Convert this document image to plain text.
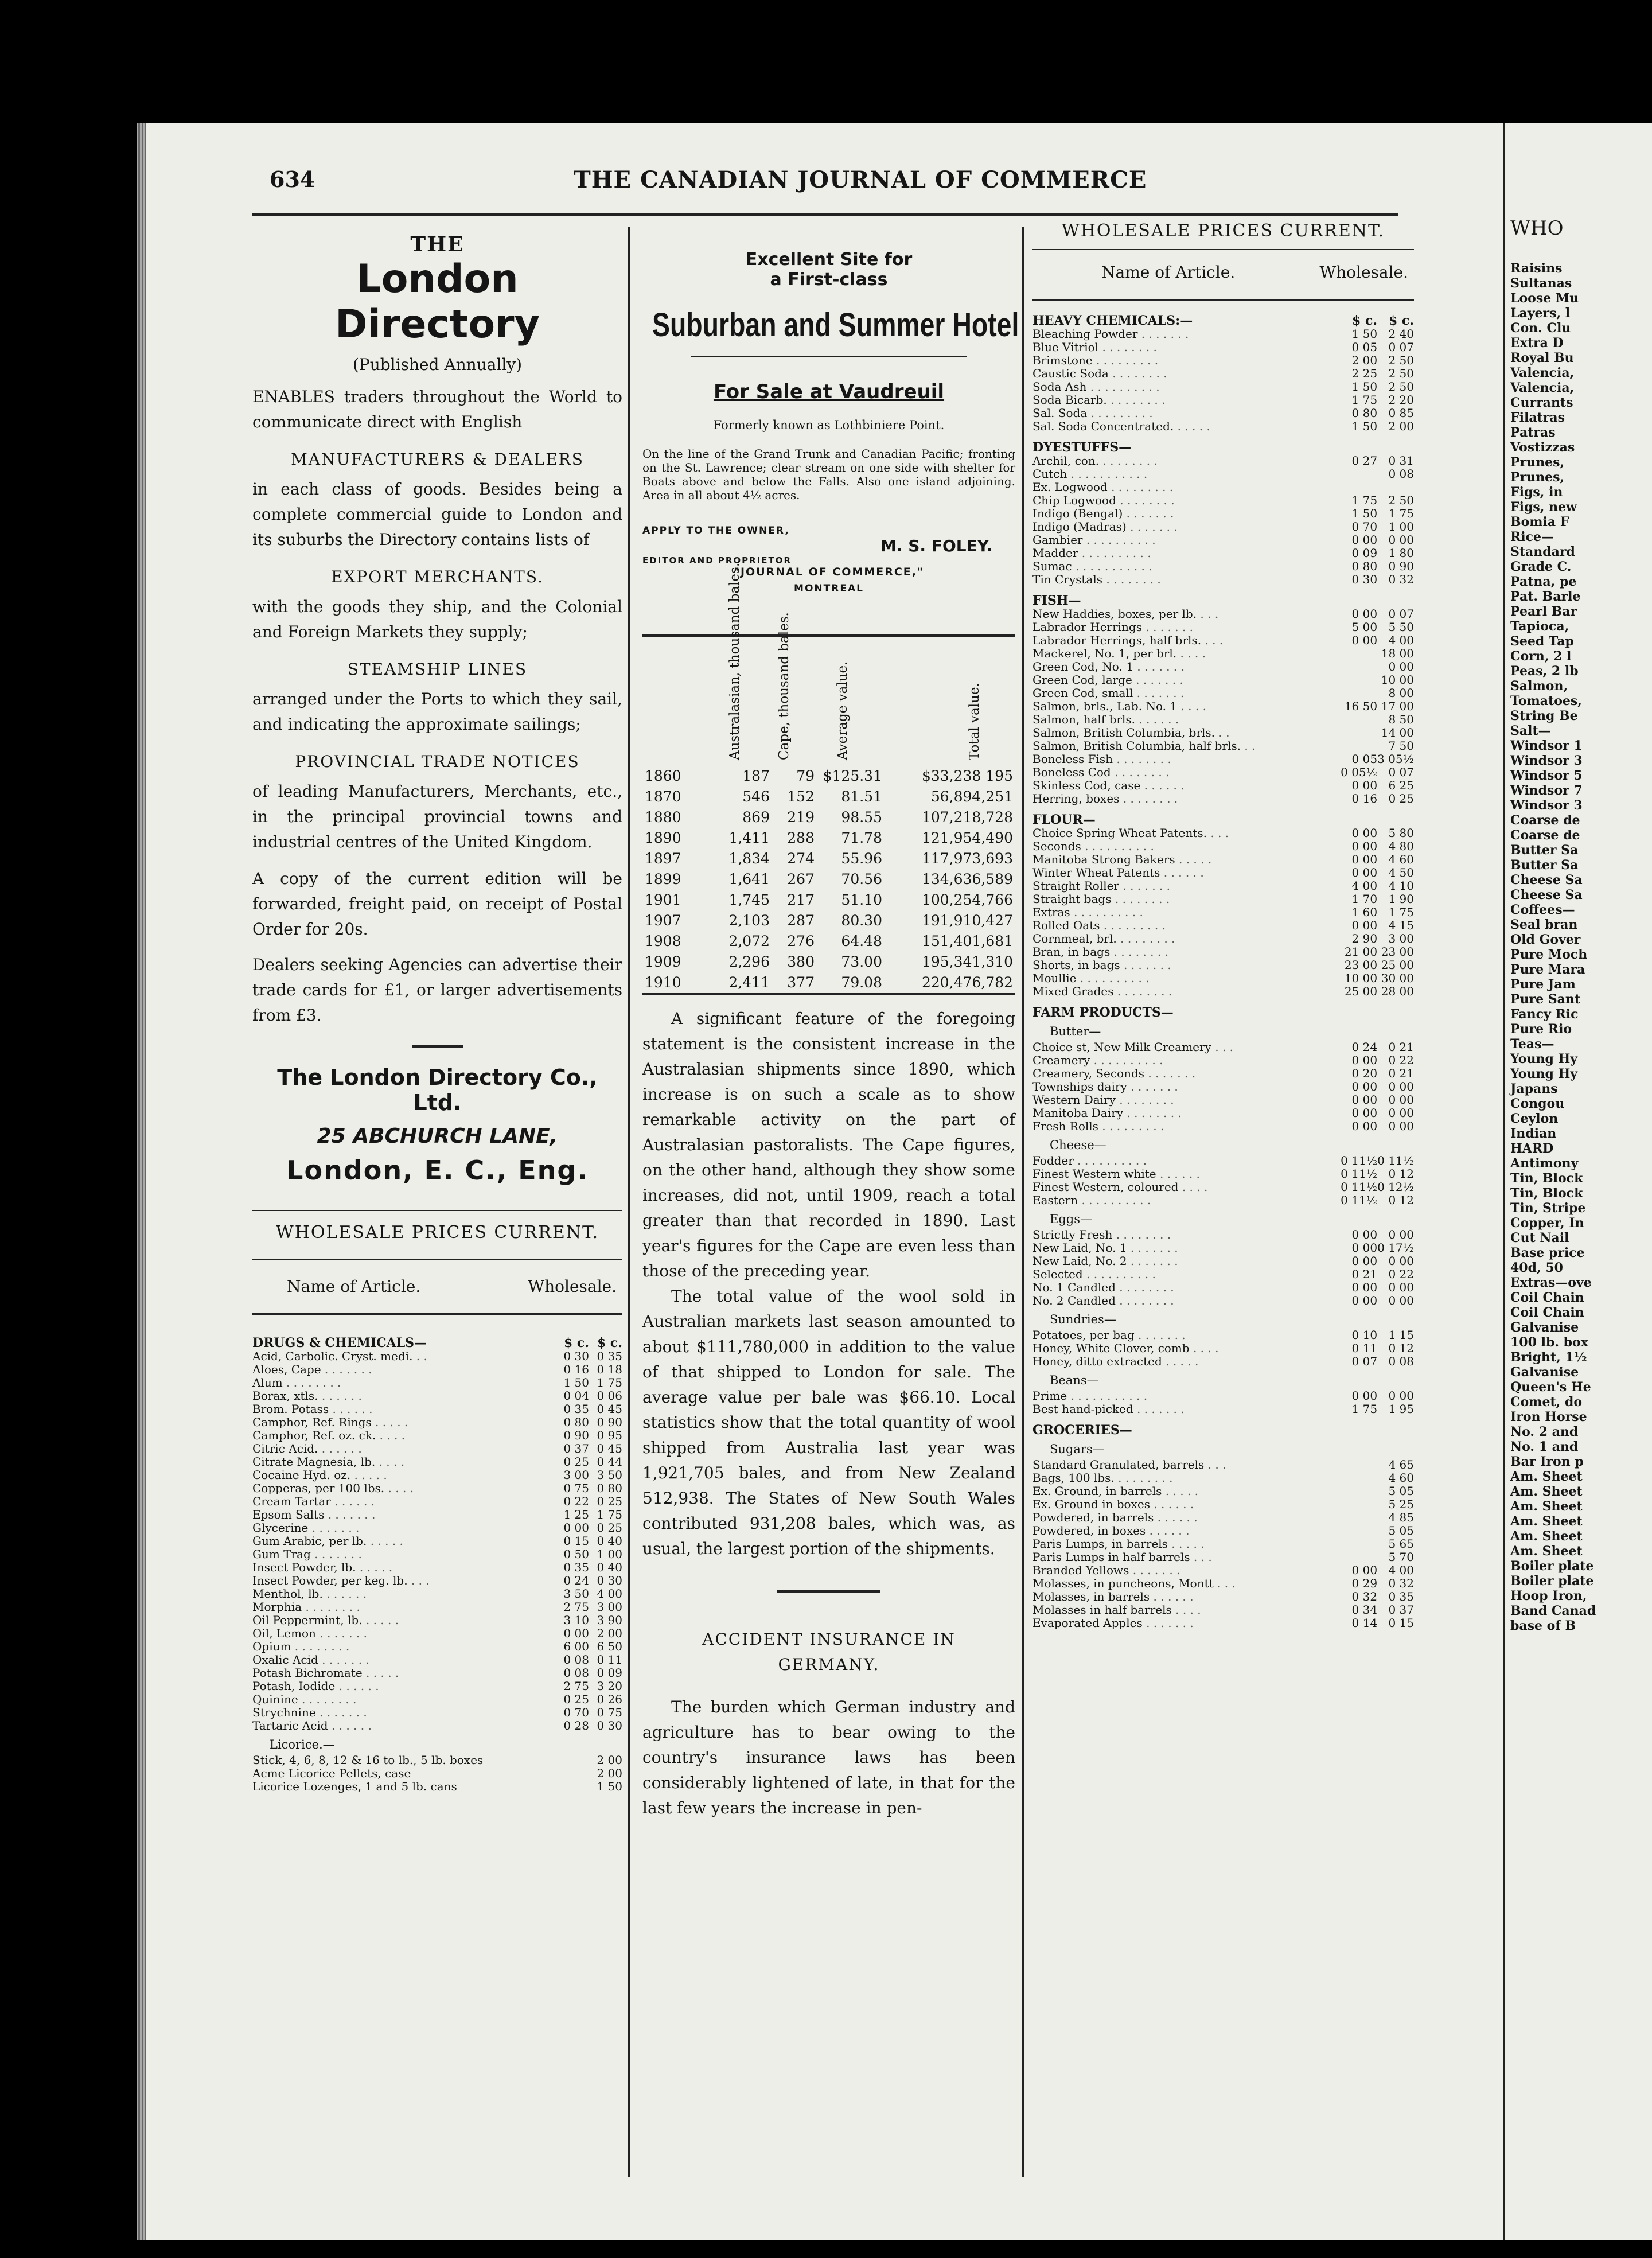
WHO
Raisins
Sultanas
Loose Mu
Layers, l
Con. Clu
Extra D
Royal Bu
Valencia,
Valencia,
Currants
Filatras
Patras
Vostizzas
Prunes,
Prunes,
Figs, in
Figs, new
Bomia F
Rice—
Standard
Grade C.
Patna, pe
Pat. Barle
Pearl Bar
Tapioca,
Seed Tap
Corn, 2 l
Peas, 2 lb
Salmon,
Tomatoes,
String Be
Salt—
Windsor 1
Windsor 3
Windsor 5
Windsor 7
Windsor 3
Coarse de
Coarse de
Butter Sa
Butter Sa
Cheese Sa
Cheese Sa
Coffees—
Seal bran
Old Gover
Pure Moch
Pure Mara
Pure Jam
Pure Sant
Fancy Ric
Pure Rio
Teas—
Young Hy
Young Hy
Japans
Congou
Ceylon
Indian
HARD
Antimony
Tin, Block
Tin, Block
Tin, Stripe
Copper, In
Cut Nail
Base price
40d, 50
Extras—ove
Coil Chain
Coil Chain
Galvanise
100 lb. box
Bright, 1½
Galvanise
Queen's He
Comet, do
Iron Horse
No. 2 and
No. 1 and
Bar Iron p
Am. Sheet
Am. Sheet
Am. Sheet
Am. Sheet
Am. Sheet
Am. Sheet
Boiler plate
Boiler plate
Hoop Iron,
Band Canad
base of B
634	THE CANADIAN JOURNAL OF COMMERCE
THE
London Directory
(Published Annually)
ENABLES traders throughout the World to communicate direct with English
MANUFACTURERS & DEALERS
in each class of goods. Besides being a complete commercial guide to London and its suburbs the Directory contains lists of
EXPORT MERCHANTS.
with the goods they ship, and the Colonial and Foreign Markets they supply;
STEAMSHIP LINES
arranged under the Ports to which they sail, and indicating the approximate sailings;
PROVINCIAL TRADE NOTICES
of leading Manufacturers, Merchants, etc., in the principal provincial towns and industrial centres of the United Kingdom.
A copy of the current edition will be forwarded, freight paid, on receipt of Postal Order for 20s.
Dealers seeking Agencies can advertise their trade cards for £1, or larger advertisements from £3.
The London Directory Co., Ltd.
25 ABCHURCH LANE,
London, E. C., Eng.
WHOLESALE PRICES CURRENT.
Name of Article.	Wholesale.
DRUGS & CHEMICALS—	$ c.	$ c.
Acid, Carbolic. Cryst. medi. . .	0 30	0 35
Aloes, Cape . . . . . . .	0 16	0 18
Alum . . . . . . . .	1 50	1 75
Borax, xtls. . . . . . .	0 04	0 06
Brom. Potass . . . . . .	0 35	0 45
Camphor, Ref. Rings . . . . .	0 80	0 90
Camphor, Ref. oz. ck. . . . .	0 90	0 95
Citric Acid. . . . . . .	0 37	0 45
Citrate Magnesia, lb. . . . .	0 25	0 44
Cocaine Hyd. oz. . . . . .	3 00	3 50
Copperas, per 100 lbs. . . . .	0 75	0 80
Cream Tartar . . . . . .	0 22	0 25
Epsom Salts . . . . . . .	1 25	1 75
Glycerine . . . . . . .	0 00	0 25
Gum Arabic, per lb. . . . . .	0 15	0 40
Gum Trag . . . . . . .	0 50	1 00
Insect Powder, lb. . . . . .	0 35	0 40
Insect Powder, per keg. lb. . . .	0 24	0 30
Menthol, lb. . . . . . .	3 50	4 00
Morphia . . . . . . . .	2 75	3 00
Oil Peppermint, lb. . . . . .	3 10	3 90
Oil, Lemon . . . . . . .	0 00	2 00
Opium . . . . . . . .	6 00	6 50
Oxalic Acid . . . . . . .	0 08	0 11
Potash Bichromate . . . . .	0 08	0 09
Potash, Iodide . . . . . .	2 75	3 20
Quinine . . . . . . . .	0 25	0 26
Strychnine . . . . . . .	0 70	0 75
Tartaric Acid . . . . . .	0 28	0 30
Licorice.—		
Stick, 4, 6, 8, 12 & 16 to lb., 5 lb. boxes		2 00
Acme Licorice Pellets, case		2 00
Licorice Lozenges, 1 and 5 lb. cans		1 50
Excellent Site for
a First-class
Suburban and Summer Hotel
For Sale at Vaudreuil
Formerly known as Lothbiniere Point.
On the line of the Grand Trunk and Canadian Pacific; fronting on the St. Lawrence; clear stream on one side with shelter for Boats above and below the Falls. Also one island adjoining. Area in all about 4½ acres.
APPLY TO THE OWNER,
M. S. FOLEY.
EDITOR AND PROPRIETOR
"JOURNAL OF COMMERCE,"
MONTREAL

	Australasian, thousand bales.	Cape, thousand bales.	Average value.	Total value.

1860	187	79	$125.31	$33,238 195
1870	546	152	81.51	56,894,251
1880	869	219	98.55	107,218,728
1890	1,411	288	71.78	121,954,490
1897	1,834	274	55.96	117,973,693
1899	1,641	267	70.56	134,636,589
1901	1,745	217	51.10	100,254,766
1907	2,103	287	80.30	191,910,427
1908	2,072	276	64.48	151,401,681
1909	2,296	380	73.00	195,341,310
1910	2,411	377	79.08	220,476,782
A significant feature of the foregoing statement is the consistent increase in the Australasian shipments since 1890, which increase is on such a scale as to show remarkable activity on the part of Australasian pastoralists. The Cape figures, on the other hand, although they show some increases, did not, until 1909, reach a total greater than that recorded in 1890. Last year's figures for the Cape are even less than those of the preceding year.
The total value of the wool sold in Australian markets last season amounted to about $111,780,000 in addition to the value of that shipped to London for sale. The average value per bale was $66.10. Local statistics show that the total quantity of wool shipped from Australia last year was 1,921,705 bales, and from New Zealand 512,938. The States of New South Wales contributed 931,208 bales, which was, as usual, the largest portion of the shipments.
ACCIDENT INSURANCE IN GERMANY.
The burden which German industry and agriculture has to bear owing to the country's insurance laws has been considerably lightened of late, in that for the last few years the increase in pen-
WHOLESALE PRICES CURRENT.
Name of Article.	Wholesale.
HEAVY CHEMICALS:—	$ c.	$ c.
Bleaching Powder . . . . . . .	1 50	2 40
Blue Vitriol . . . . . . . .	0 05	0 07
Brimstone . . . . . . . . .	2 00	2 50
Caustic Soda . . . . . . . .	2 25	2 50
Soda Ash . . . . . . . . . .	1 50	2 50
Soda Bicarb. . . . . . . . .	1 75	2 20
Sal. Soda . . . . . . . . .	0 80	0 85
Sal. Soda Concentrated. . . . . .	1 50	2 00
DYESTUFFS—		
Archil, con. . . . . . . . .	0 27	0 31
Cutch . . . . . . . . . . .		0 08
Ex. Logwood . . . . . . . . .		
Chip Logwood . . . . . . . .	1 75	2 50
Indigo (Bengal) . . . . . . .	1 50	1 75
Indigo (Madras) . . . . . . .	0 70	1 00
Gambier . . . . . . . . . .	0 00	0 00
Madder . . . . . . . . . .	0 09	1 80
Sumac . . . . . . . . . . .	0 80	0 90
Tin Crystals . . . . . . . .	0 30	0 32
FISH—		
New Haddies, boxes, per lb. . . .	0 00	0 07
Labrador Herrings . . . . . . .	5 00	5 50
Labrador Herrings, half brls. . . .	0 00	4 00
Mackerel, No. 1, per brl. . . . .		18 00
Green Cod, No. 1 . . . . . . .		0 00
Green Cod, large . . . . . . .		10 00
Green Cod, small . . . . . . .		8 00
Salmon, brls., Lab. No. 1 . . . .	16 50	17 00
Salmon, half brls. . . . . . .		8 50
Salmon, British Columbia, brls. . .		14 00
Salmon, British Columbia, half brls. . .		7 50
Boneless Fish . . . . . . . .	0 05	3 05½
Boneless Cod . . . . . . . .	0 05½	0 07
Skinless Cod, case . . . . . .	0 00	6 25
Herring, boxes . . . . . . . .	0 16	0 25
FLOUR—		
Choice Spring Wheat Patents. . . .	0 00	5 80
Seconds . . . . . . . . . .	0 00	4 80
Manitoba Strong Bakers . . . . .	0 00	4 60
Winter Wheat Patents . . . . . .	0 00	4 50
Straight Roller . . . . . . .	4 00	4 10
Straight bags . . . . . . . .	1 70	1 90
Extras . . . . . . . . . .	1 60	1 75
Rolled Oats . . . . . . . . .	0 00	4 15
Cornmeal, brl. . . . . . . . .	2 90	3 00
Bran, in bags . . . . . . . .	21 00	23 00
Shorts, in bags . . . . . . .	23 00	25 00
Moullie . . . . . . . . . .	10 00	30 00
Mixed Grades . . . . . . . .	25 00	28 00
FARM PRODUCTS—		
Butter—		
Choice st, New Milk Creamery . . .	0 24	0 21
Creamery . . . . . . . . . .	0 00	0 22
Creamery, Seconds . . . . . . .	0 20	0 21
Townships dairy . . . . . . .	0 00	0 00
Western Dairy . . . . . . . .	0 00	0 00
Manitoba Dairy . . . . . . . .	0 00	0 00
Fresh Rolls . . . . . . . . .	0 00	0 00
Cheese—		
Fodder . . . . . . . . . .	0 11½	0 11½
Finest Western white . . . . . .	0 11½	0 12
Finest Western, coloured . . . .	0 11½	0 12½
Eastern . . . . . . . . . .	0 11½	0 12
Eggs—		
Strictly Fresh . . . . . . . .	0 00	0 00
New Laid, No. 1 . . . . . . .	0 00	0 17½
New Laid, No. 2 . . . . . . .	0 00	0 00
Selected . . . . . . . . . .	0 21	0 22
No. 1 Candled . . . . . . . .	0 00	0 00
No. 2 Candled . . . . . . . .	0 00	0 00
Sundries—		
Potatoes, per bag . . . . . . .	0 10	1 15
Honey, White Clover, comb . . . .	0 11	0 12
Honey, ditto extracted . . . . .	0 07	0 08
Beans—		
Prime . . . . . . . . . . .	0 00	0 00
Best hand-picked . . . . . . .	1 75	1 95
GROCERIES—		
Sugars—		
Standard Granulated, barrels . . .		4 65
Bags, 100 lbs. . . . . . . . .		4 60
Ex. Ground, in barrels . . . . .		5 05
Ex. Ground in boxes . . . . . .		5 25
Powdered, in barrels . . . . . .		4 85
Powdered, in boxes . . . . . .		5 05
Paris Lumps, in barrels . . . . .		5 65
Paris Lumps in half barrels . . .		5 70
Branded Yellows . . . . . . .	0 00	4 00
Molasses, in puncheons, Montt . . .	0 29	0 32
Molasses, in barrels . . . . . .	0 32	0 35
Molasses in half barrels . . . .	0 34	0 37
Evaporated Apples . . . . . . .	0 14	0 15
